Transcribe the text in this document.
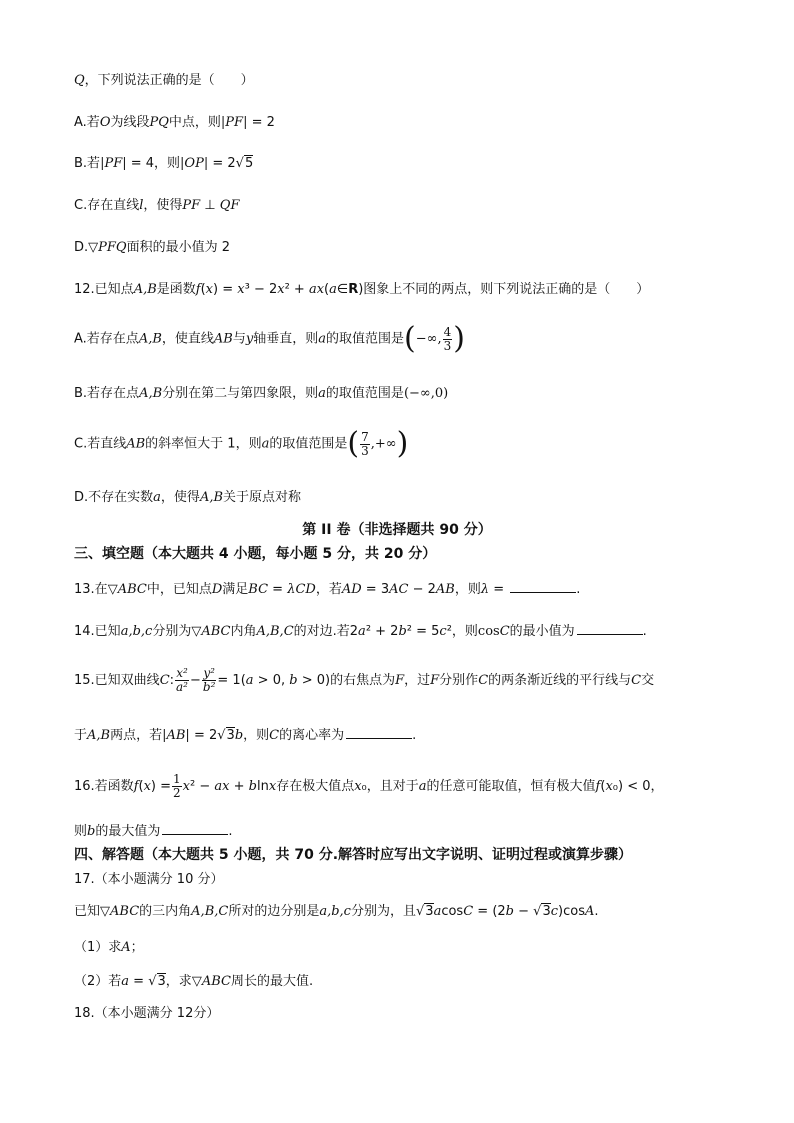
Q，下列说法正确的是（　　）
A.若O为线段PQ中点，则|PF| = 2
B.若|PF| = 4，则|OP| = 2√5
C.存在直线l，使得PF ⊥ QF
D.▽PFQ面积的最小值为 2
12.已知点A,B是函数f(x) = x³ − 2x² + ax(a∈R)图象上不同的两点，则下列说法正确的是（　　）
A.若存在点A,B，使直线AB与y轴垂直，则a的取值范围是(−∞, $\frac{4}{3}$ )
B.若存在点A,B分别在第二与第四象限，则a的取值范围是(−∞,0)
C.若直线AB的斜率恒大于 1，则a的取值范围是( $\frac{7}{3}$ ,+∞)
D.不存在实数a，使得A,B关于原点对称
第 II 卷（非选择题共 90 分）
三、填空题（本大题共 4 小题，每小题 5 分，共 20 分）
13.在▽ABC中，已知点D满足BC = λCD，若AD = 3AC − 2AB，则λ =	.
14.已知a,b,c分别为▽ABC内角A,B,C的对边.若2a² + 2b² = 5c²，则cosC的最小值为	.
15.已知双曲线C: $\frac{\text{x²}}{\text{a²}} - \frac{\text{y²}}{\text{b²}} = 1(a > 0$, b > 0)的右焦点为F，过F分别作C的两条渐近线的平行线与C交
于A,B两点，若|AB| = 2√3b，则C的离心率为	.
16.若函数$f(x) = \frac{1}{2} x^2$ − ax + blnx存在极大值点x₀，且对于a的任意可能取值，恒有极大值f(x₀) < 0，
则b的最大值为	.
四、解答题（本大题共 5 小题，共 70 分.解答时应写出文字说明、证明过程或演算步骤）
17.（本小题满分 10 分）
已知▽ABC的三内角A,B,C所对的边分别是a,b,c分别为，且√3acosC = (2b − √3c)cosA.
（1）求A；
（2）若a = √3，求▽ABC周长的最大值.
18.（本小题满分 12分）
